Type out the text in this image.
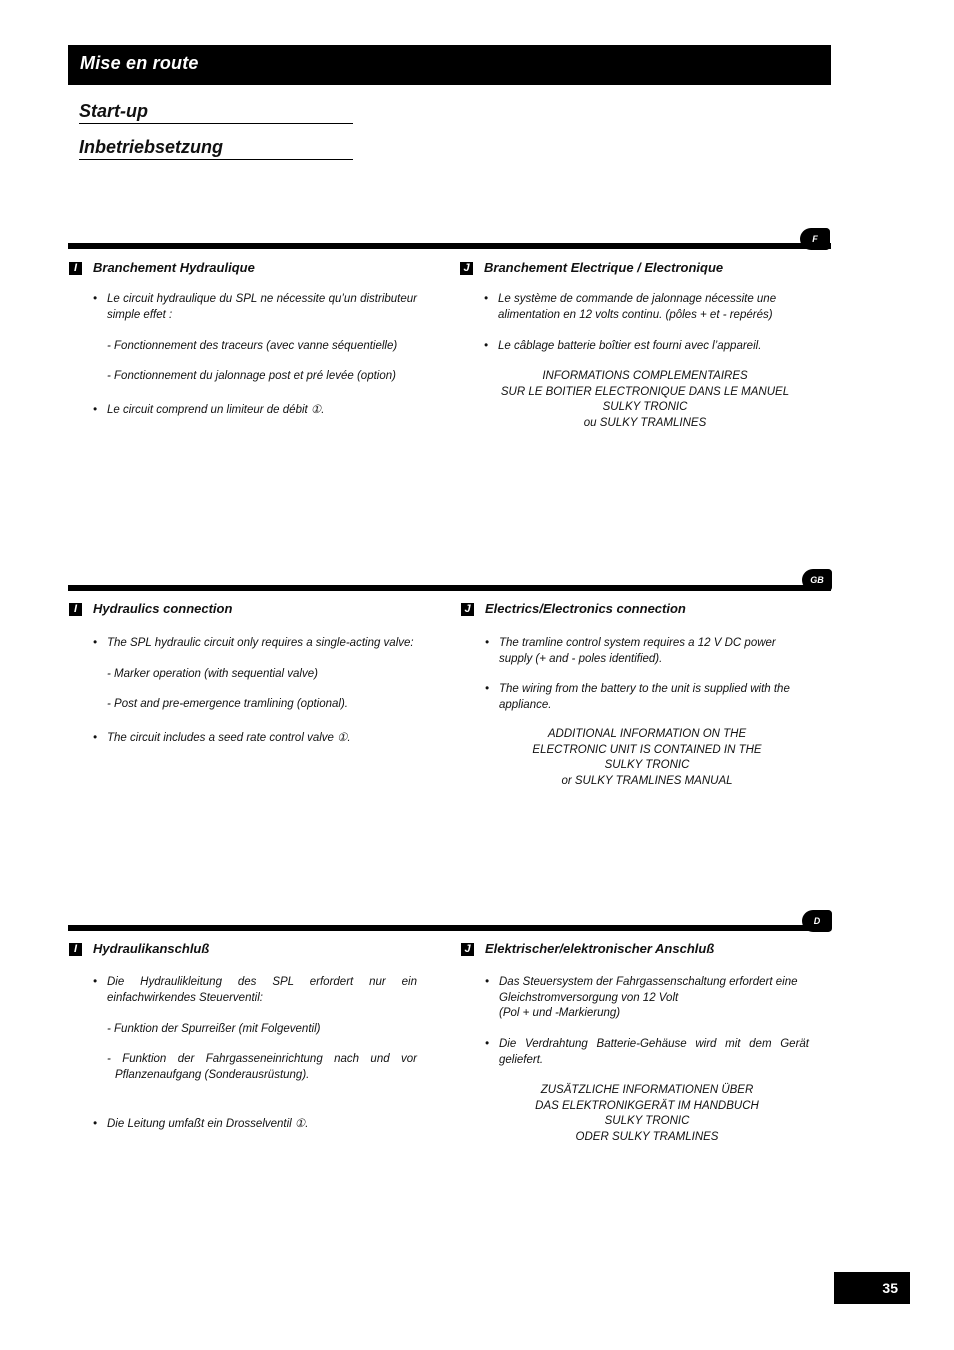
Mise en route
Start-up
Inbetriebsetzung
F
I	Branchement Hydraulique
• Le circuit hydraulique du SPL ne nécessite qu’un distributeur simple effet :
- Fonctionnement des traceurs (avec vanne séquentielle)
- Fonctionnement du jalonnage post et pré levée (option)
• Le circuit comprend un limiteur de débit ①.
J Branchement Electrique / Electronique
• Le système de commande de jalonnage nécessite une alimentation en 12 volts continu. (pôles + et - repérés)
• Le câblage batterie boîtier est fourni avec l’appareil.
INFORMATIONS COMPLEMENTAIRES
SUR LE BOITIER ELECTRONIQUE DANS LE MANUEL
SULKY TRONIC
ou SULKY TRAMLINES
GB
I	Hydraulics connection
• The SPL hydraulic circuit only requires a single-acting valve:
- Marker operation (with sequential valve)
- Post and pre-emergence tramlining (optional).
• The circuit includes a seed rate control valve ①.
J Electrics/Electronics connection
• The tramline control system requires a 12 V DC power supply (+ and - poles identified).
• The wiring from the battery to the unit is supplied with the appliance.
ADDITIONAL INFORMATION ON THE
ELECTRONIC UNIT IS CONTAINED IN THE
SULKY TRONIC
or SULKY TRAMLINES MANUAL
D
I	Hydraulikanschluß
• Die Hydraulikleitung des SPL erfordert nur ein einfachwirkendes Steuerventil:
- Funktion der Spurreißer (mit Folgeventil)
- Funktion der Fahrgasseneinrichtung nach und vor Pflanzenaufgang (Sonderausrüstung).
• Die Leitung umfaßt ein Drosselventil ①.
J Elektrischer/elektronischer Anschluß
• Das Steuersystem der Fahrgassenschaltung erfordert eine Gleichstromversorgung von 12 Volt
(Pol + und -Markierung)
• Die Verdrahtung Batterie-Gehäuse wird mit dem Gerät geliefert.
ZUSÄTZLICHE INFORMATIONEN ÜBER
DAS ELEKTRONIKGERÄT IM HANDBUCH
SULKY TRONIC
ODER SULKY TRAMLINES
35
